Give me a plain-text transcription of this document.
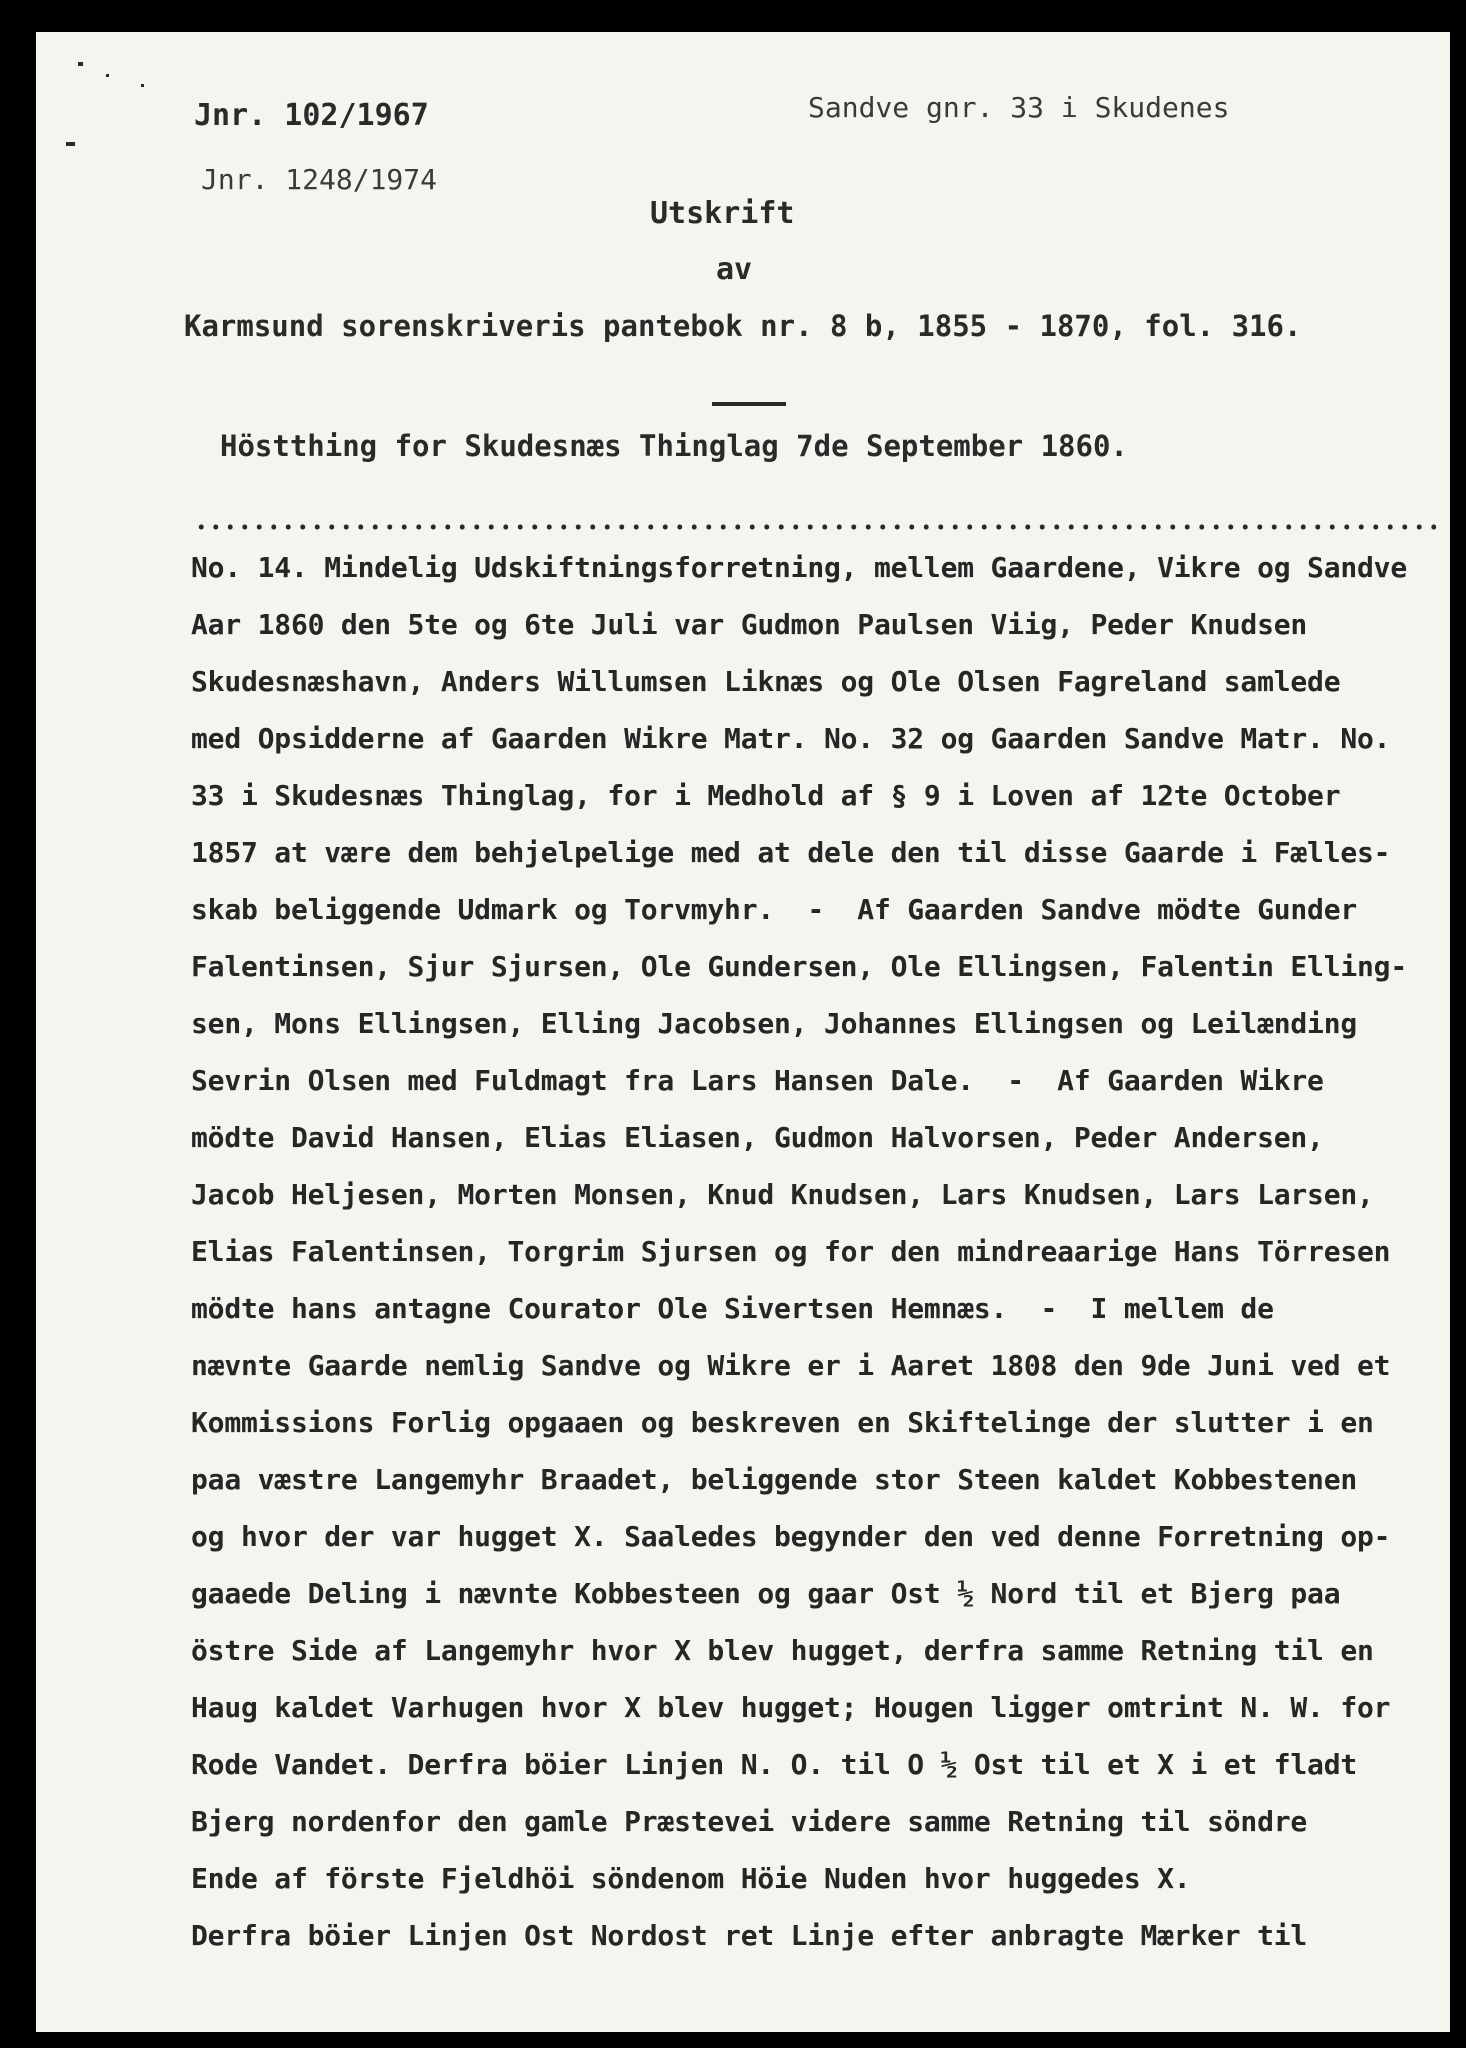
Jnr. 102/1967	Sandve gnr. 33 i Skudenes
Jnr. 1248/1974
Utskrift
av
Karmsund sorenskriveris pantebok nr. 8 b, 1855 - 1870, fol. 316.
Höstthing for Skudesnæs Thinglag 7de September 1860.
No. 14. Mindelig Udskiftningsforretning, mellem Gaardene, Vikre og Sandve
Aar 1860 den 5te og 6te Juli var Gudmon Paulsen Viig, Peder Knudsen
Skudesnæshavn, Anders Willumsen Liknæs og Ole Olsen Fagreland samlede
med Opsidderne af Gaarden Wikre Matr. No. 32 og Gaarden Sandve Matr. No.
33 i Skudesnæs Thinglag, for i Medhold af § 9 i Loven af 12te October
1857 at være dem behjelpelige med at dele den til disse Gaarde i Fælles-
skab beliggende Udmark og Torvmyhr.  -  Af Gaarden Sandve mödte Gunder
Falentinsen, Sjur Sjursen, Ole Gundersen, Ole Ellingsen, Falentin Elling-
sen, Mons Ellingsen, Elling Jacobsen, Johannes Ellingsen og Leilænding
Sevrin Olsen med Fuldmagt fra Lars Hansen Dale.  -  Af Gaarden Wikre
mödte David Hansen, Elias Eliasen, Gudmon Halvorsen, Peder Andersen,
Jacob Heljesen, Morten Monsen, Knud Knudsen, Lars Knudsen, Lars Larsen,
Elias Falentinsen, Torgrim Sjursen og for den mindreaarige Hans Törresen
mödte hans antagne Courator Ole Sivertsen Hemnæs.  -  I mellem de
nævnte Gaarde nemlig Sandve og Wikre er i Aaret 1808 den 9de Juni ved et
Kommissions Forlig opgaaen og beskreven en Skiftelinge der slutter i en
paa væstre Langemyhr Braadet, beliggende stor Steen kaldet Kobbestenen
og hvor der var hugget X. Saaledes begynder den ved denne Forretning op-
gaaede Deling i nævnte Kobbesteen og gaar Ost ½ Nord til et Bjerg paa
östre Side af Langemyhr hvor X blev hugget, derfra samme Retning til en
Haug kaldet Varhugen hvor X blev hugget; Hougen ligger omtrint N. W. for
Rode Vandet. Derfra böier Linjen N. O. til O ½ Ost til et X i et fladt
Bjerg nordenfor den gamle Præstevei videre samme Retning til söndre
Ende af förste Fjeldhöi söndenom Höie Nuden hvor huggedes X.
Derfra böier Linjen Ost Nordost ret Linje efter anbragte Mærker til
